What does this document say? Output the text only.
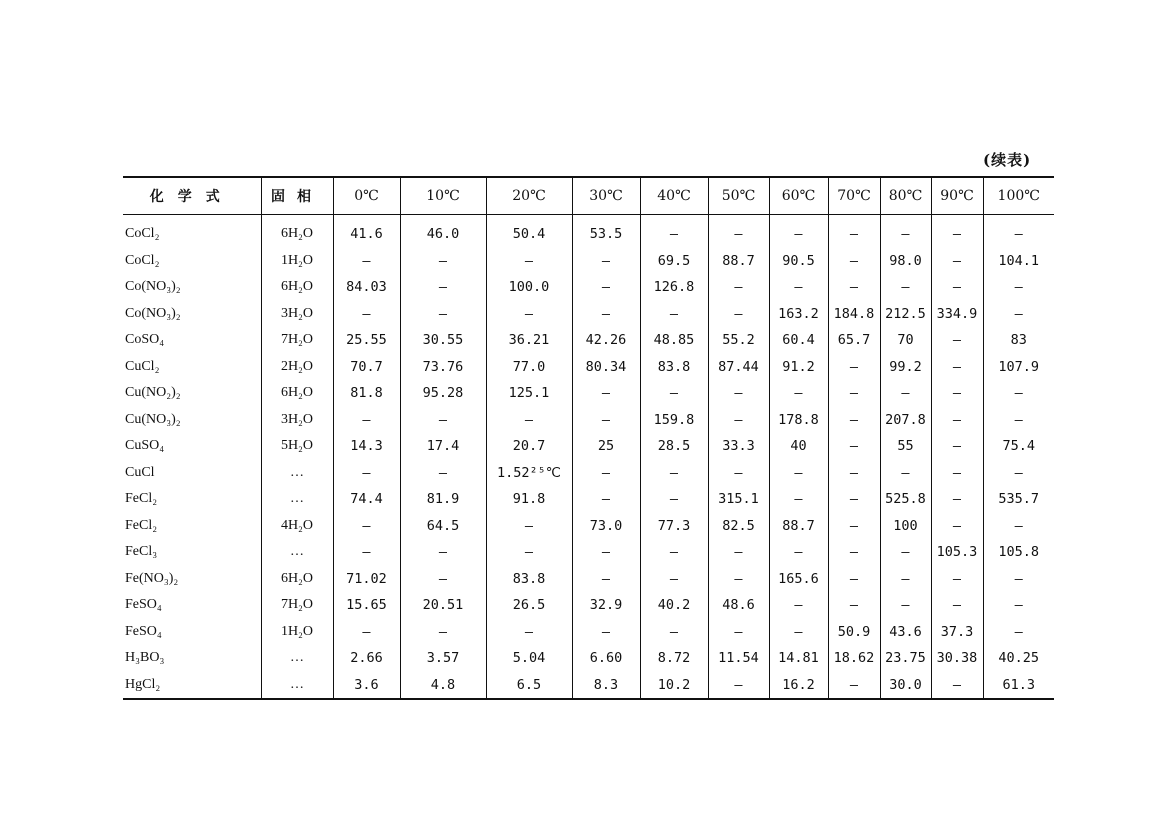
(续表)
化学式	固相	0℃	10℃	20℃	30℃	40℃	50℃	60℃	70℃	80℃	90℃	100℃
CoCl₂	6H₂O	41.6	46.0	50.4	53.5	—	—	—	—	—	—	—
CoCl₂	1H₂O	—	—	—	—	69.5	88.7	90.5	—	98.0	—	104.1
Co(NO₃)₂	6H₂O	84.03	—	100.0	—	126.8	—	—	—	—	—	—
Co(NO₃)₂	3H₂O	—	—	—	—	—	—	163.2	184.8	212.5	334.9	—
CoSO₄	7H₂O	25.55	30.55	36.21	42.26	48.85	55.2	60.4	65.7	70	—	83
CuCl₂	2H₂O	70.7	73.76	77.0	80.34	83.8	87.44	91.2	—	99.2	—	107.9
Cu(NO₂)₂	6H₂O	81.8	95.28	125.1	—	—	—	—	—	—	—	—
Cu(NO₃)₂	3H₂O	—	—	—	—	159.8	—	178.8	—	207.8	—	—
CuSO₄	5H₂O	14.3	17.4	20.7	25	28.5	33.3	40	—	55	—	75.4
CuCl	…	—	—	1.52²⁵℃	—	—	—	—	—	—	—	—
FeCl₂	…	74.4	81.9	91.8	—	—	315.1	—	—	525.8	—	535.7
FeCl₂	4H₂O	—	64.5	—	73.0	77.3	82.5	88.7	—	100	—	—
FeCl₃	…	—	—	—	—	—	—	—	—	—	105.3	105.8
Fe(NO₃)₂	6H₂O	71.02	—	83.8	—	—	—	165.6	—	—	—	—
FeSO₄	7H₂O	15.65	20.51	26.5	32.9	40.2	48.6	—	—	—	—	—
FeSO₄	1H₂O	—	—	—	—	—	—	—	50.9	43.6	37.3	—
H₃BO₃	…	2.66	3.57	5.04	6.60	8.72	11.54	14.81	18.62	23.75	30.38	40.25
HgCl₂	…	3.6	4.8	6.5	8.3	10.2	—	16.2	—	30.0	—	61.3
